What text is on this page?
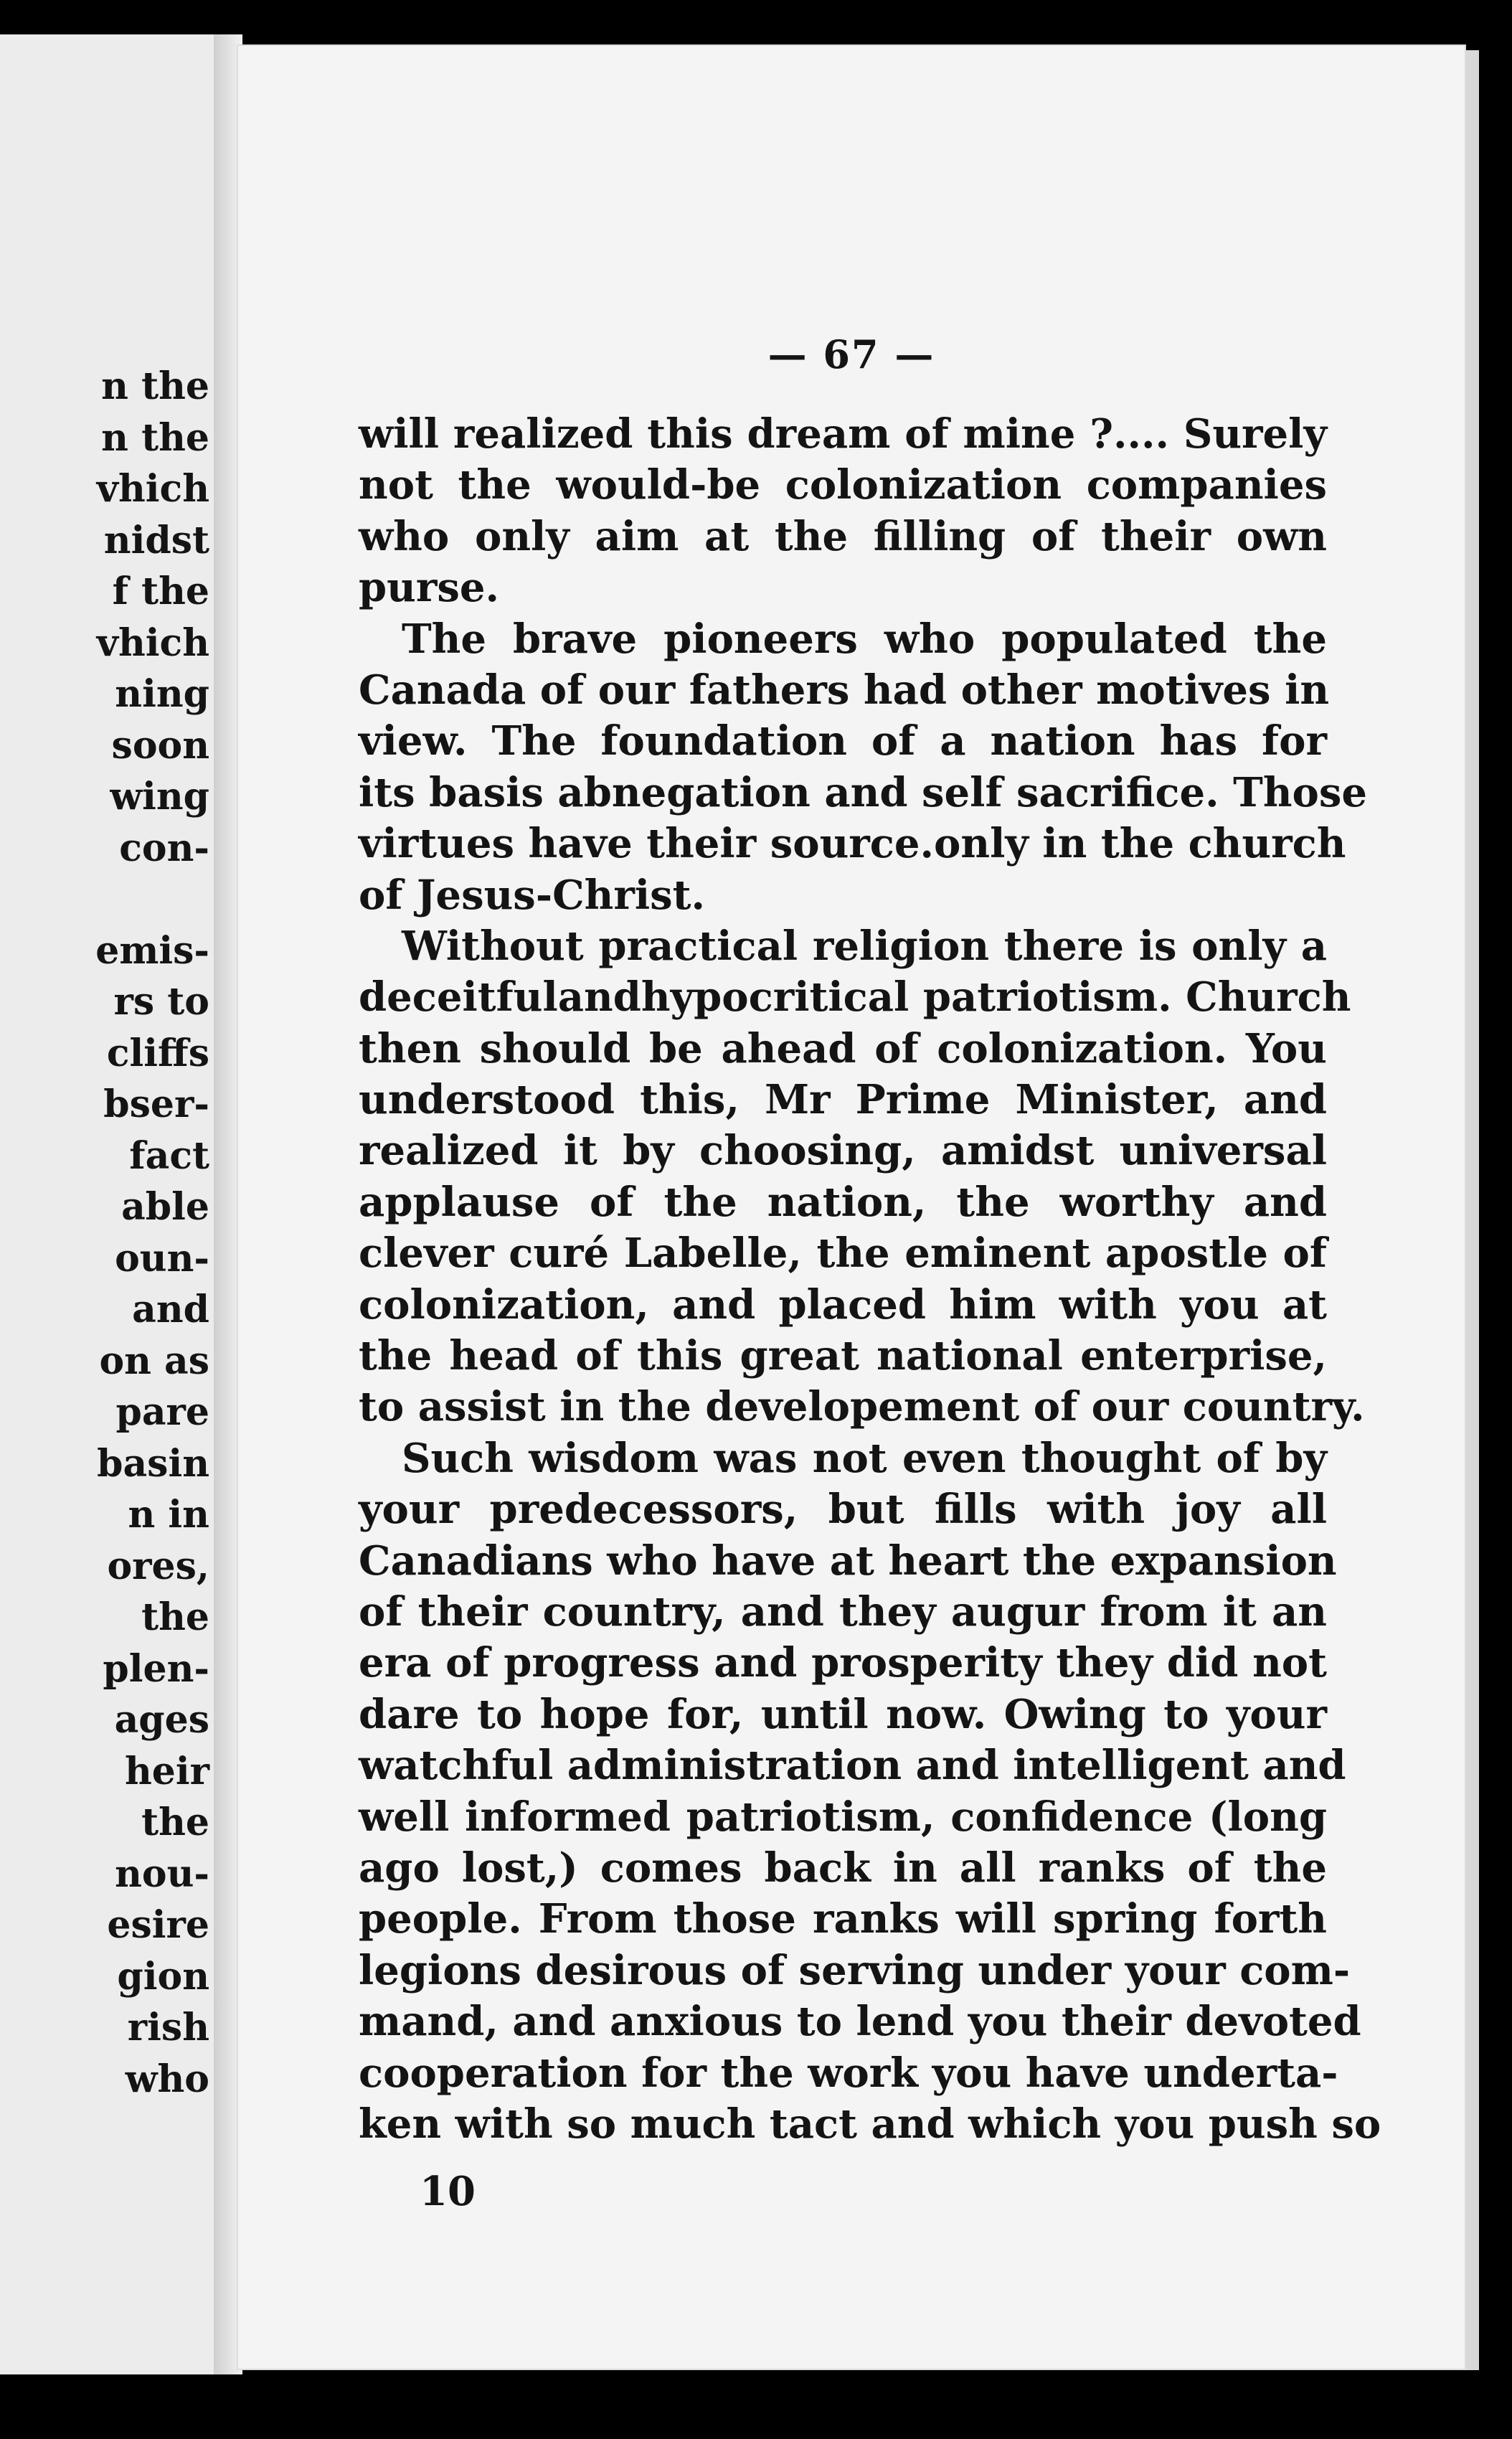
n the
n the
vhich
nidst
f the
vhich
ning
soon
wing
con-
emis-
rs to
cliffs
bser-
fact
able
oun-
and
on as
pare
basin
n in
ores,
the
plen-
ages
heir
the
nou-
esire
gion
rish
who
— 67 —
will realized this dream of mine ?.... Surely
not the would-be colonization companies
who only aim at the filling of their own
purse.
The brave pioneers who populated the
Canada of our fathers had other motives in
view. The foundation of a nation has for
its basis abnegation and self sacrifice. Those
virtues have their source.only in the church
of Jesus-Christ.
Without practical religion there is only a
deceitfulandhypocritical patriotism. Church
then should be ahead of colonization. You
understood this, Mr Prime Minister, and
realized it by choosing, amidst universal
applause of the nation, the worthy and
clever curé Labelle, the eminent apostle of
colonization, and placed him with you at
the head of this great national enterprise,
to assist in the developement of our country.
Such wisdom was not even thought of by
your predecessors, but fills with joy all
Canadians who have at heart the expansion
of their country, and they augur from it an
era of progress and prosperity they did not
dare to hope for, until now. Owing to your
watchful administration and intelligent and
well informed patriotism, confidence (long
ago lost,) comes back in all ranks of the
people. From those ranks will spring forth
legions desirous of serving under your com-
mand, and anxious to lend you their devoted
cooperation for the work you have underta-
ken with so much tact and which you push so
10
